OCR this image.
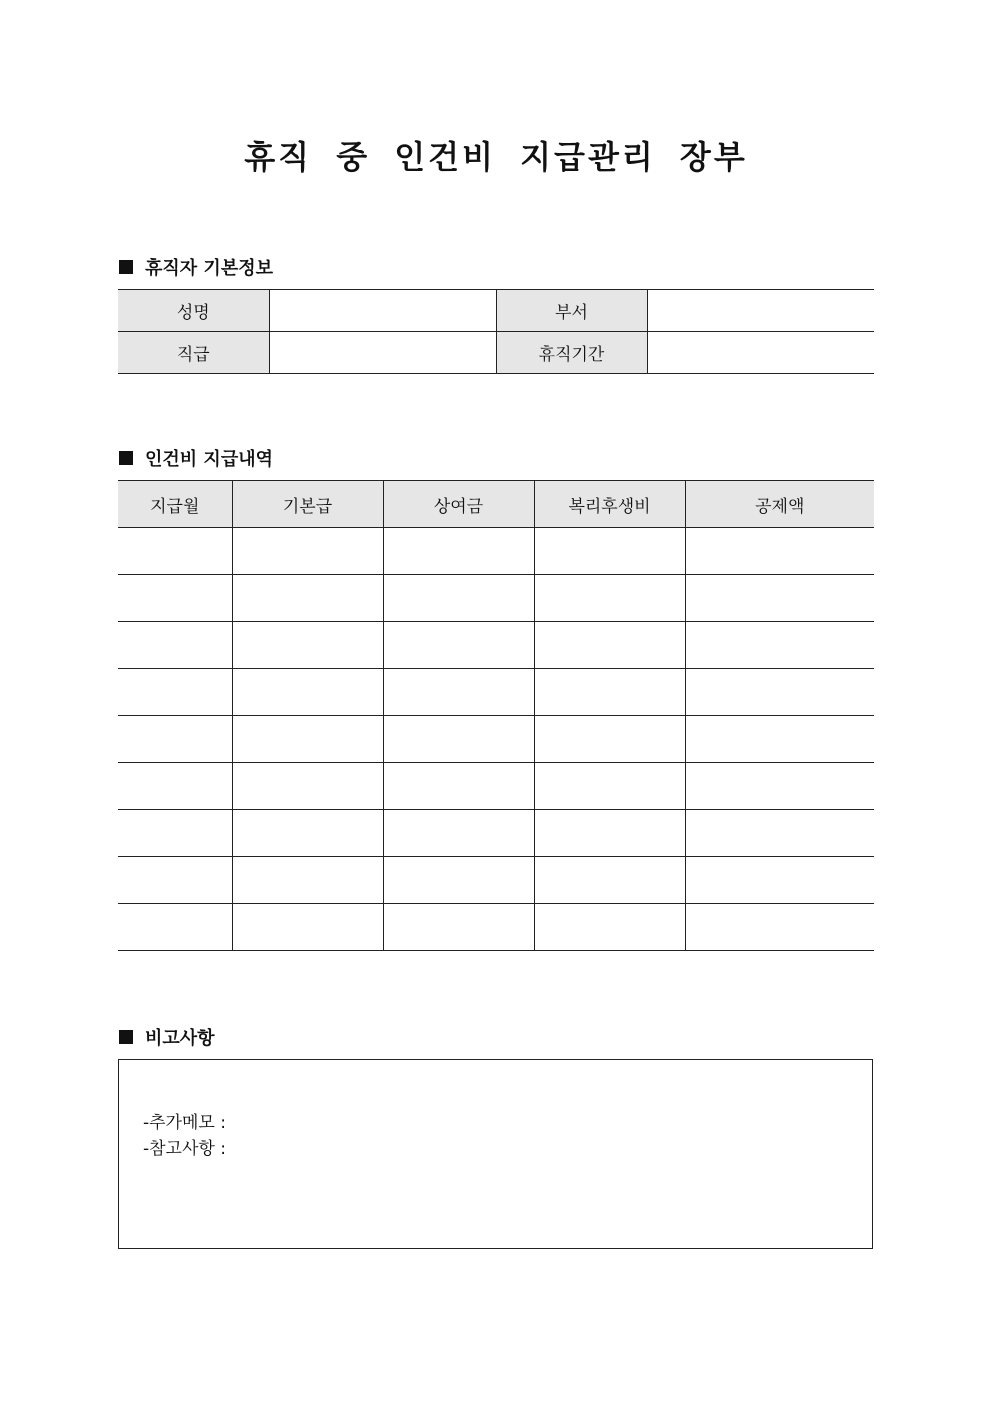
휴직 중 인건비 지급관리 장부
휴직자 기본정보
성명		부서	
직급		휴직기간	
인건비 지급내역
지급월	기본급	상여금	복리후생비	공제액

비고사항
-추가메모 :
-참고사항 :
